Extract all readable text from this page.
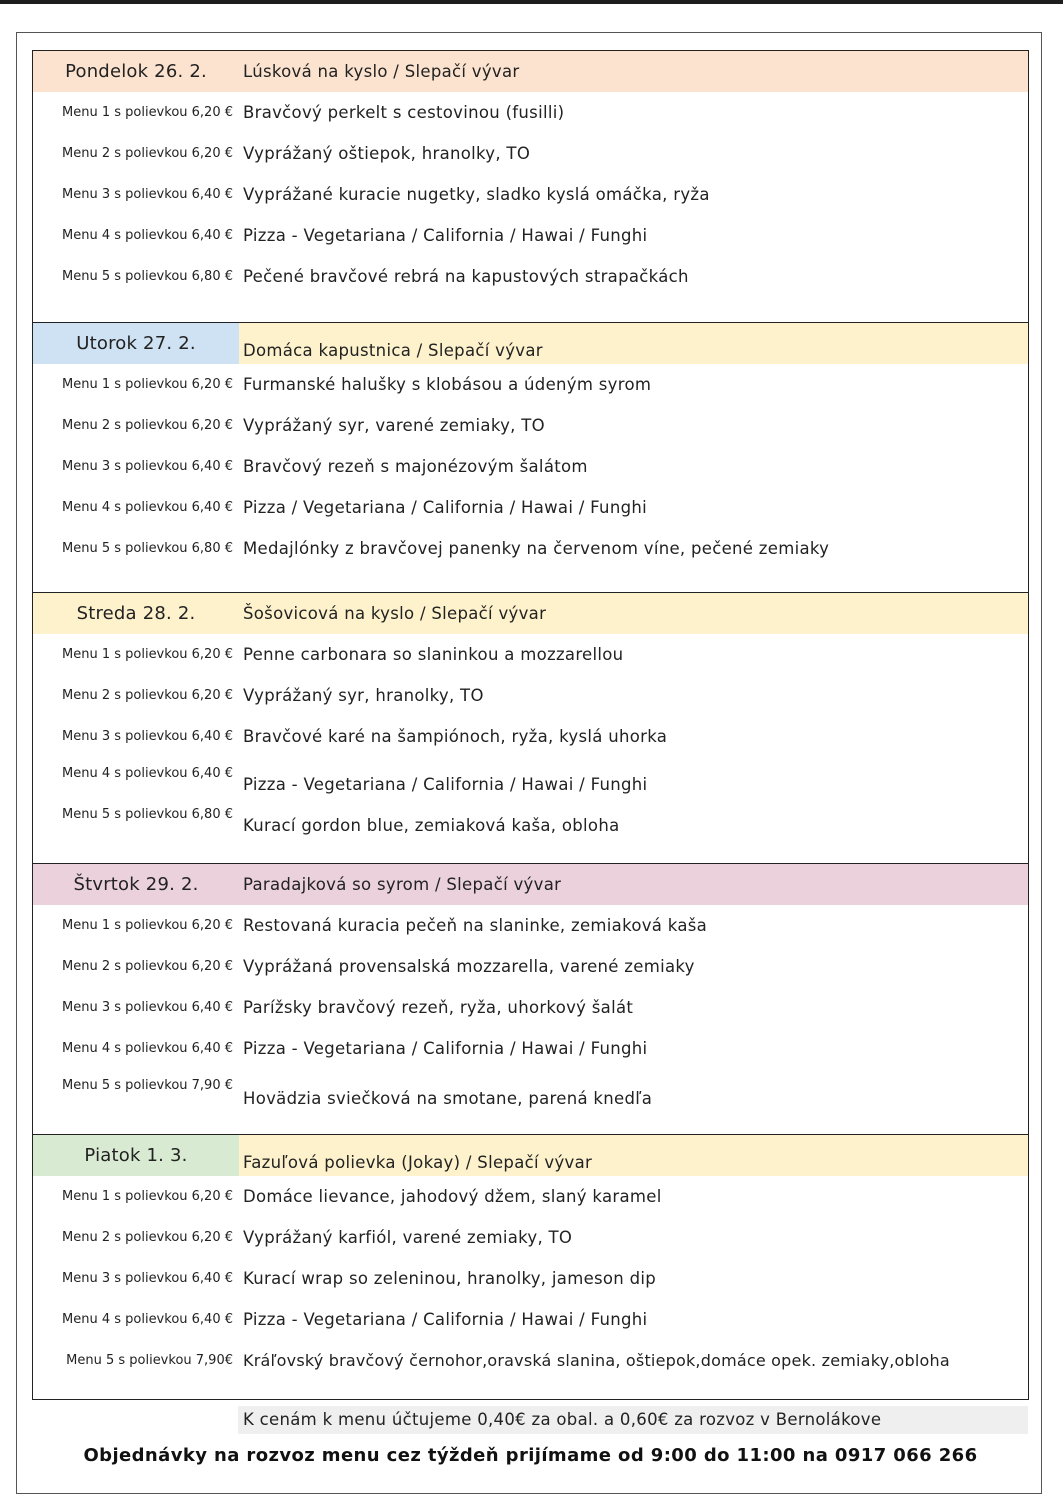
Pondelok 26. 2.	Lúsková na kyslo / Slepačí vývar
Menu 1 s polievkou 6,20 € Bravčový perkelt s cestovinou (fusilli)
Menu 2 s polievkou 6,20 € Vyprážaný oštiepok, hranolky, TO
Menu 3 s polievkou 6,40 € Vyprážané kuracie nugetky, sladko kyslá omáčka, ryža
Menu 4 s polievkou 6,40 € Pizza - Vegetariana / California / Hawai / Funghi
Menu 5 s polievkou 6,80 € Pečené bravčové rebrá na kapustových strapačkách
Utorok 27. 2.	Domáca kapustnica / Slepačí vývar
Menu 1 s polievkou 6,20 € Furmanské halušky s klobásou a údeným syrom
Menu 2 s polievkou 6,20 € Vyprážaný syr, varené zemiaky, TO
Menu 3 s polievkou 6,40 € Bravčový rezeň s majonézovým šalátom
Menu 4 s polievkou 6,40 € Pizza / Vegetariana / California / Hawai / Funghi
Menu 5 s polievkou 6,80 € Medajlónky z bravčovej panenky na červenom víne, pečené zemiaky
Streda 28. 2.	Šošovicová na kyslo / Slepačí vývar
Menu 1 s polievkou 6,20 € Penne carbonara so slaninkou a mozzarellou
Menu 2 s polievkou 6,20 € Vyprážaný syr, hranolky, TO
Menu 3 s polievkou 6,40 € Bravčové karé na šampiónoch, ryža, kyslá uhorka
Menu 4 s polievkou 6,40 €
Pizza - Vegetariana / California / Hawai / Funghi
Menu 5 s polievkou 6,80 €
Kurací gordon blue, zemiaková kaša, obloha
Štvrtok 29. 2.	Paradajková so syrom / Slepačí vývar
Menu 1 s polievkou 6,20 € Restovaná kuracia pečeň na slaninke, zemiaková kaša
Menu 2 s polievkou 6,20 € Vyprážaná provensalská mozzarella, varené zemiaky
Menu 3 s polievkou 6,40 € Parížsky bravčový rezeň, ryža, uhorkový šalát
Menu 4 s polievkou 6,40 € Pizza - Vegetariana / California / Hawai / Funghi
Menu 5 s polievkou 7,90 €
Hovädzia sviečková na smotane, parená knedľa
Piatok 1. 3.	Fazuľová polievka (Jokay) / Slepačí vývar
Menu 1 s polievkou 6,20 € Domáce lievance, jahodový džem, slaný karamel
Menu 2 s polievkou 6,20 € Vyprážaný karfiól, varené zemiaky, TO
Menu 3 s polievkou 6,40 € Kurací wrap so zeleninou, hranolky, jameson dip
Menu 4 s polievkou 6,40 € Pizza - Vegetariana / California / Hawai / Funghi
Menu 5 s polievkou 7,90€ Kráľovský bravčový černohor,oravská slanina, oštiepok,domáce opek. zemiaky,obloha
K cenám k menu účtujeme 0,40€ za obal. a 0,60€ za rozvoz v Bernolákove
Objednávky na rozvoz menu cez týždeň prijímame od 9:00 do 11:00 na 0917 066 266
